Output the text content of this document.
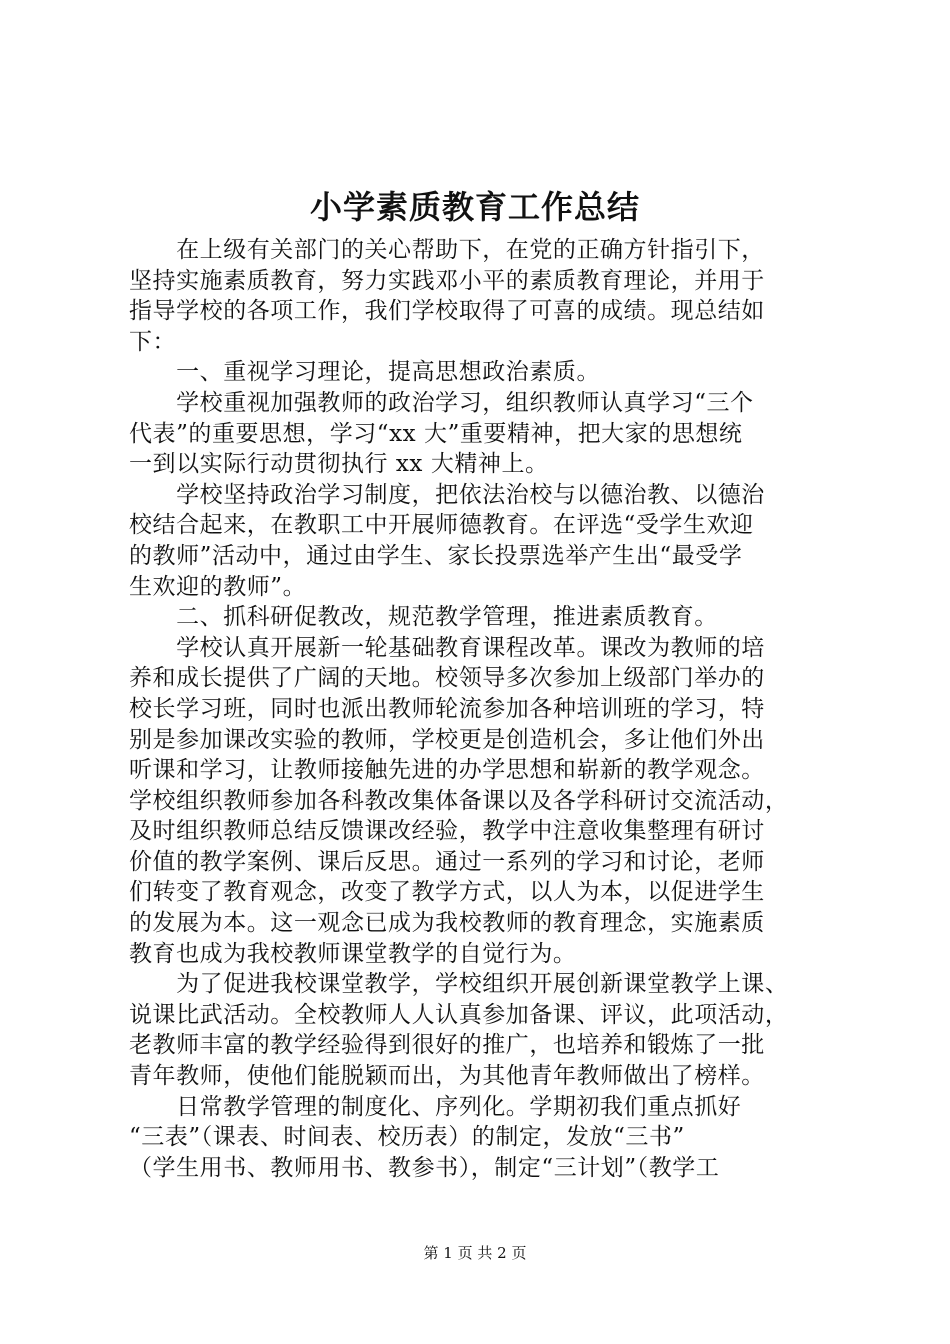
小学素质教育工作总结
　　在上级有关部门的关心帮助下，在党的正确方针指引下，
坚持实施素质教育，努力实践邓小平的素质教育理论，并用于
指导学校的各项工作，我们学校取得了可喜的成绩。现总结如
下：
　　一、重视学习理论，提高思想政治素质。
　　学校重视加强教师的政治学习，组织教师认真学习“三个
代表”的重要思想，学习“xx 大”重要精神，把大家的思想统
一到以实际行动贯彻执行 xx 大精神上。
　　学校坚持政治学习制度，把依法治校与以德治教、以德治
校结合起来，在教职工中开展师德教育。在评选“受学生欢迎
的教师”活动中，通过由学生、家长投票选举产生出“最受学
生欢迎的教师”。
　　二、抓科研促教改，规范教学管理，推进素质教育。
　　学校认真开展新一轮基础教育课程改革。课改为教师的培
养和成长提供了广阔的天地。校领导多次参加上级部门举办的
校长学习班，同时也派出教师轮流参加各种培训班的学习，特
别是参加课改实验的教师，学校更是创造机会，多让他们外出
听课和学习，让教师接触先进的办学思想和崭新的教学观念。
学校组织教师参加各科教改集体备课以及各学科研讨交流活动，
及时组织教师总结反馈课改经验，教学中注意收集整理有研讨
价值的教学案例、课后反思。通过一系列的学习和讨论，老师
们转变了教育观念，改变了教学方式，以人为本，以促进学生
的发展为本。这一观念已成为我校教师的教育理念，实施素质
教育也成为我校教师课堂教学的自觉行为。
　　为了促进我校课堂教学，学校组织开展创新课堂教学上课、
说课比武活动。全校教师人人认真参加备课、评议，此项活动，
老教师丰富的教学经验得到很好的推广，也培养和锻炼了一批
青年教师，使他们能脱颖而出，为其他青年教师做出了榜样。
　　日常教学管理的制度化、序列化。学期初我们重点抓好
“三表”（课表、时间表、校历表）的制定，发放“三书”
（学生用书、教师用书、教参书），制定“三计划”（教学工
第 1 页 共 2 页
